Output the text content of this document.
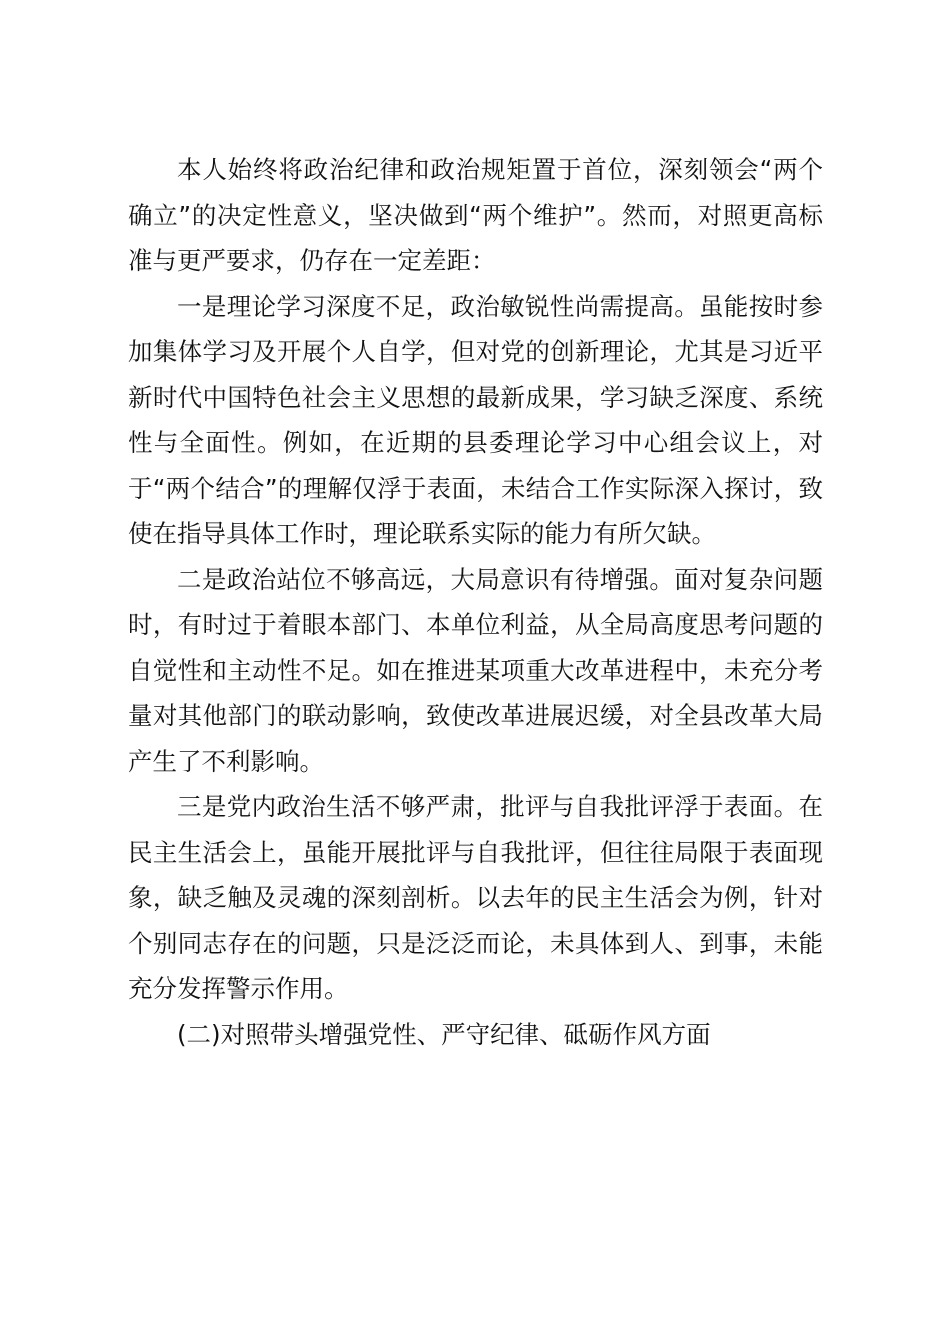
本人始终将政治纪律和政治规矩置于首位，深刻领会“两个确立”的决定性意义，坚决做到“两个维护”。然而，对照更高标准与更严要求，仍存在一定差距：

一是理论学习深度不足，政治敏锐性尚需提高。虽能按时参加集体学习及开展个人自学，但对党的创新理论，尤其是习近平新时代中国特色社会主义思想的最新成果，学习缺乏深度、系统性与全面性。例如，在近期的县委理论学习中心组会议上，对于“两个结合”的理解仅浮于表面，未结合工作实际深入探讨，致使在指导具体工作时，理论联系实际的能力有所欠缺。

二是政治站位不够高远，大局意识有待增强。面对复杂问题时，有时过于着眼本部门、本单位利益，从全局高度思考问题的自觉性和主动性不足。如在推进某项重大改革进程中，未充分考量对其他部门的联动影响，致使改革进展迟缓，对全县改革大局产生了不利影响。

三是党内政治生活不够严肃，批评与自我批评浮于表面。在民主生活会上，虽能开展批评与自我批评，但往往局限于表面现象，缺乏触及灵魂的深刻剖析。以去年的民主生活会为例，针对个别同志存在的问题，只是泛泛而论，未具体到人、到事，未能充分发挥警示作用。

(二)对照带头增强党性、严守纪律、砥砺作风方面
